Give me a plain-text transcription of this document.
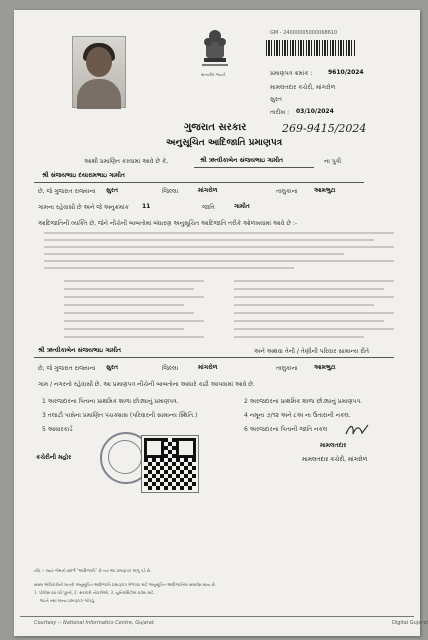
સત્યમેવ જયતે
GM - 24000005000068610
પ્રમાણપત્ર ક્રમાંક :	9610/2024
મામલતદાર કચેરી, માંગરોળ
સુરત
તારીખ : 03/10/2024
269-9415/2024
ગુજરાત સરકાર
અનુસૂચિત આદિજાતિ પ્રમાણપત્ર
આથી પ્રમાણિત કરવામાં આવે છે કે,	શ્રી ઋત્વીકાબેન સંજયભાઇ ગામીત	ના પુત્રી
શ્રી સંજયભાઇ દયારામભાઇ ગામીત
છે, જે ગુજરાત રાજ્યના સુરત	જિલ્લા	માંગરોળ	તાલુકાના	આમભુટા
ગામના રહેવાસી છે અને જે અનુક્રમાંક 11	જાતિ	ગામીત
આદિજાતિની વ્યક્તિ છે, જેને નીચેની બાબતોમાં બંધારણ અનુસૂચિત આદિજાતિ તરીકે ઓળખવામાં આવે છે :-
શ્રી ઋત્વીકાબેન સંજયભાઇ ગામીત	અને અથવા તેની / તેણીની પરિવાર સામાન્ય રીતે
છે, જે ગુજરાત રાજ્યના સુરત	જિલ્લા	માંગરોળ	તાલુકાના	આમભુટા
ગામ / નગરનો રહેવાસી છે. આ પ્રમાણપત્ર નીચેની બાબતોના આધારે કાઢી આપવામાં આવે છે.
1 અરજદારના પિતાના પ્રાથમિક શાળા છોડ્યાનું પ્રમાણપત્ર.	2 અરજદારના પ્રાથમિક શાળા છોડ્યાનું પ્રમાણપત્ર.
3 તલાટી પાસેના પ્રમાણિત પંચક્યાસ (પરિવારની સામાન્ય સ્થિતિ.)	4 નમૂના ૭/૧૨ અને ૮અ ના ઉતારાની નકલ.
5 આધારકાર્ડ	6 અરજદારના પિતાની જાતિ નકલ
મામલતદાર
મામલતદાર કચેરી, માંગરોળ
કચેરીની મહોર
નોંધ :- જ્યાં જેમની સંદર્ભ "આદિજાતિ" છે ત્યાં આ પ્રમાણપત્ર લાગુ પડે છે.
સક્ષમ અધિકારીની ખાતરી અનુસૂચિત આદિજાતિ પ્રમાણપત્ર મેળવવા માટે અનુસૂચિત આદિજાતિમાં સમાવેશ થાય છે.
1. પોલીસ ૬૦ વર્ષ પૂરતો, 2. સરકારી નોકરીઓ, 3. યુનિવર્સિટીમાં પ્રવેશ માટે.
લઇને તથા માન્ય પ્રમાણપત્ર જોડવું.
Courtesy :- National Informatics Centre, Gujarat	Digital Gujarat
